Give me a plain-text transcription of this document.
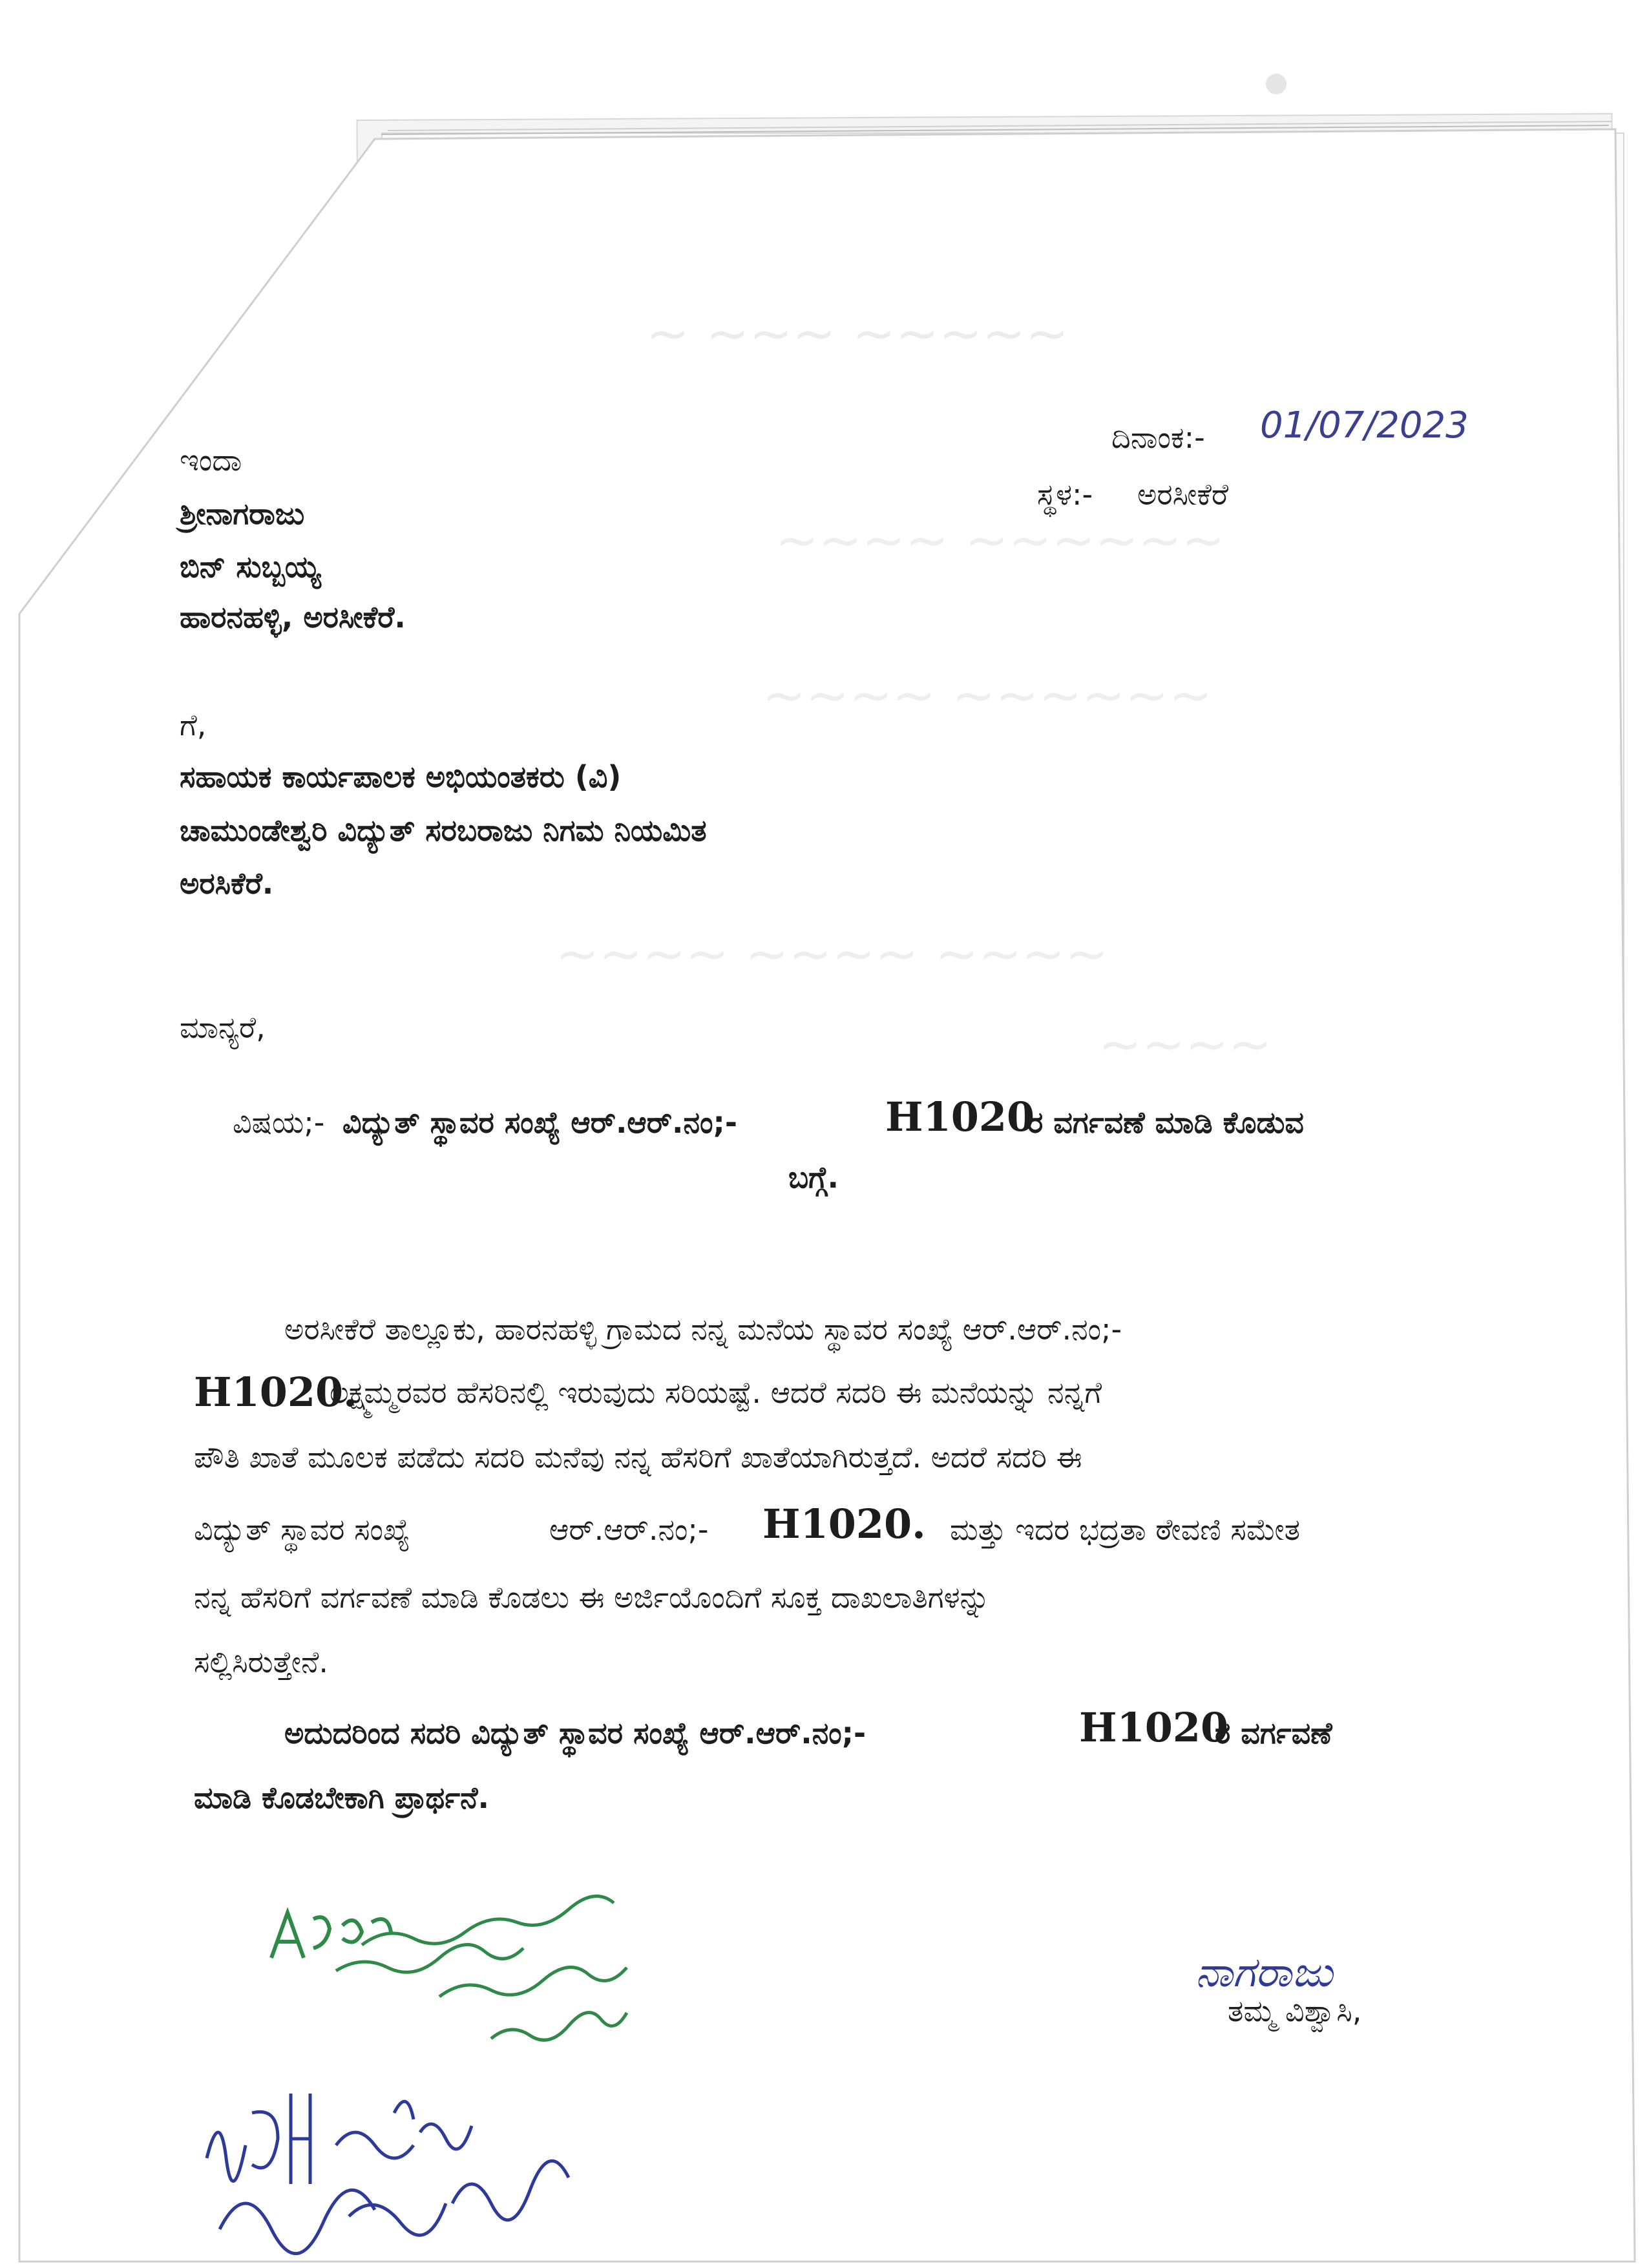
~ ~~~ ~~~~~
~~~~ ~~~~~~
~~~~ ~~~~~~
~~~~ ~~~~ ~~~~
~~~~
ಇಂದಾ
ಶ್ರೀನಾಗರಾಜು
ಬಿನ್ ಸುಬ್ಬಯ್ಯ
ಹಾರನಹಳ್ಳಿ, ಅರಸೀಕೆರೆ.
ದಿನಾಂಕ:- 01/07/2023
ಸ್ಥಳ:- ಅರಸೀಕೆರೆ
ಗೆ,
ಸಹಾಯಕ ಕಾರ್ಯಪಾಲಕ ಅಭಿಯಂತಕರು (ವಿ)
ಚಾಮುಂಡೇಶ್ವರಿ ವಿದ್ಯುತ್ ಸರಬರಾಜು ನಿಗಮ ನಿಯಮಿತ
ಅರಸಿಕೆರೆ.
ಮಾನ್ಯರೆ,
ವಿಷಯ;- ವಿದ್ಯುತ್ ಸ್ಥಾವರ ಸಂಖ್ಯೆ ಆರ್.ಆರ್.ನಂ;-	H1020
ರ ವರ್ಗವಣೆ ಮಾಡಿ ಕೊಡುವ
ಬಗ್ಗೆ.
ಅರಸೀಕೆರೆ ತಾಲ್ಲೂಕು, ಹಾರನಹಳ್ಳಿ ಗ್ರಾಮದ ನನ್ನ ಮನೆಯ ಸ್ಥಾವರ ಸಂಖ್ಯೆ ಆರ್.ಆರ್.ನಂ;-
H1020.
ಲಕ್ಷ್ಮಮ್ಮರವರ ಹೆಸರಿನಲ್ಲಿ ಇರುವುದು ಸರಿಯಷ್ಟೆ. ಆದರೆ ಸದರಿ ಈ ಮನೆಯನ್ನು ನನ್ನಗೆ
ಪೌತಿ ಖಾತೆ ಮೂಲಕ ಪಡೆದು ಸದರಿ ಮನೆವು ನನ್ನ ಹೆಸರಿಗೆ ಖಾತೆಯಾಗಿರುತ್ತದೆ. ಅದರೆ ಸದರಿ ಈ
ವಿದ್ಯುತ್ ಸ್ಥಾವರ ಸಂಖ್ಯೆ	ಆರ್.ಆರ್.ನಂ;- H1020. ಮತ್ತು ಇದರ ಭದ್ರತಾ ಠೇವಣಿ ಸಮೇತ
ನನ್ನ ಹೆಸರಿಗೆ ವರ್ಗವಣೆ ಮಾಡಿ ಕೊಡಲು ಈ ಅರ್ಜಿಯೊಂದಿಗೆ ಸೂಕ್ತ ದಾಖಲಾತಿಗಳನ್ನು
ಸಲ್ಲಿಸಿರುತ್ತೇನೆ.
ಅದುದರಿಂದ ಸದರಿ ವಿದ್ಯುತ್ ಸ್ಥಾವರ ಸಂಖ್ಯೆ ಆರ್.ಆರ್.ನಂ;-	H1020
ರ ವರ್ಗವಣೆ
ಮಾಡಿ ಕೊಡಬೇಕಾಗಿ ಪ್ರಾರ್ಥನೆ.
ನಾಗರಾಜು
ತಮ್ಮ ವಿಶ್ವಾಸಿ,
